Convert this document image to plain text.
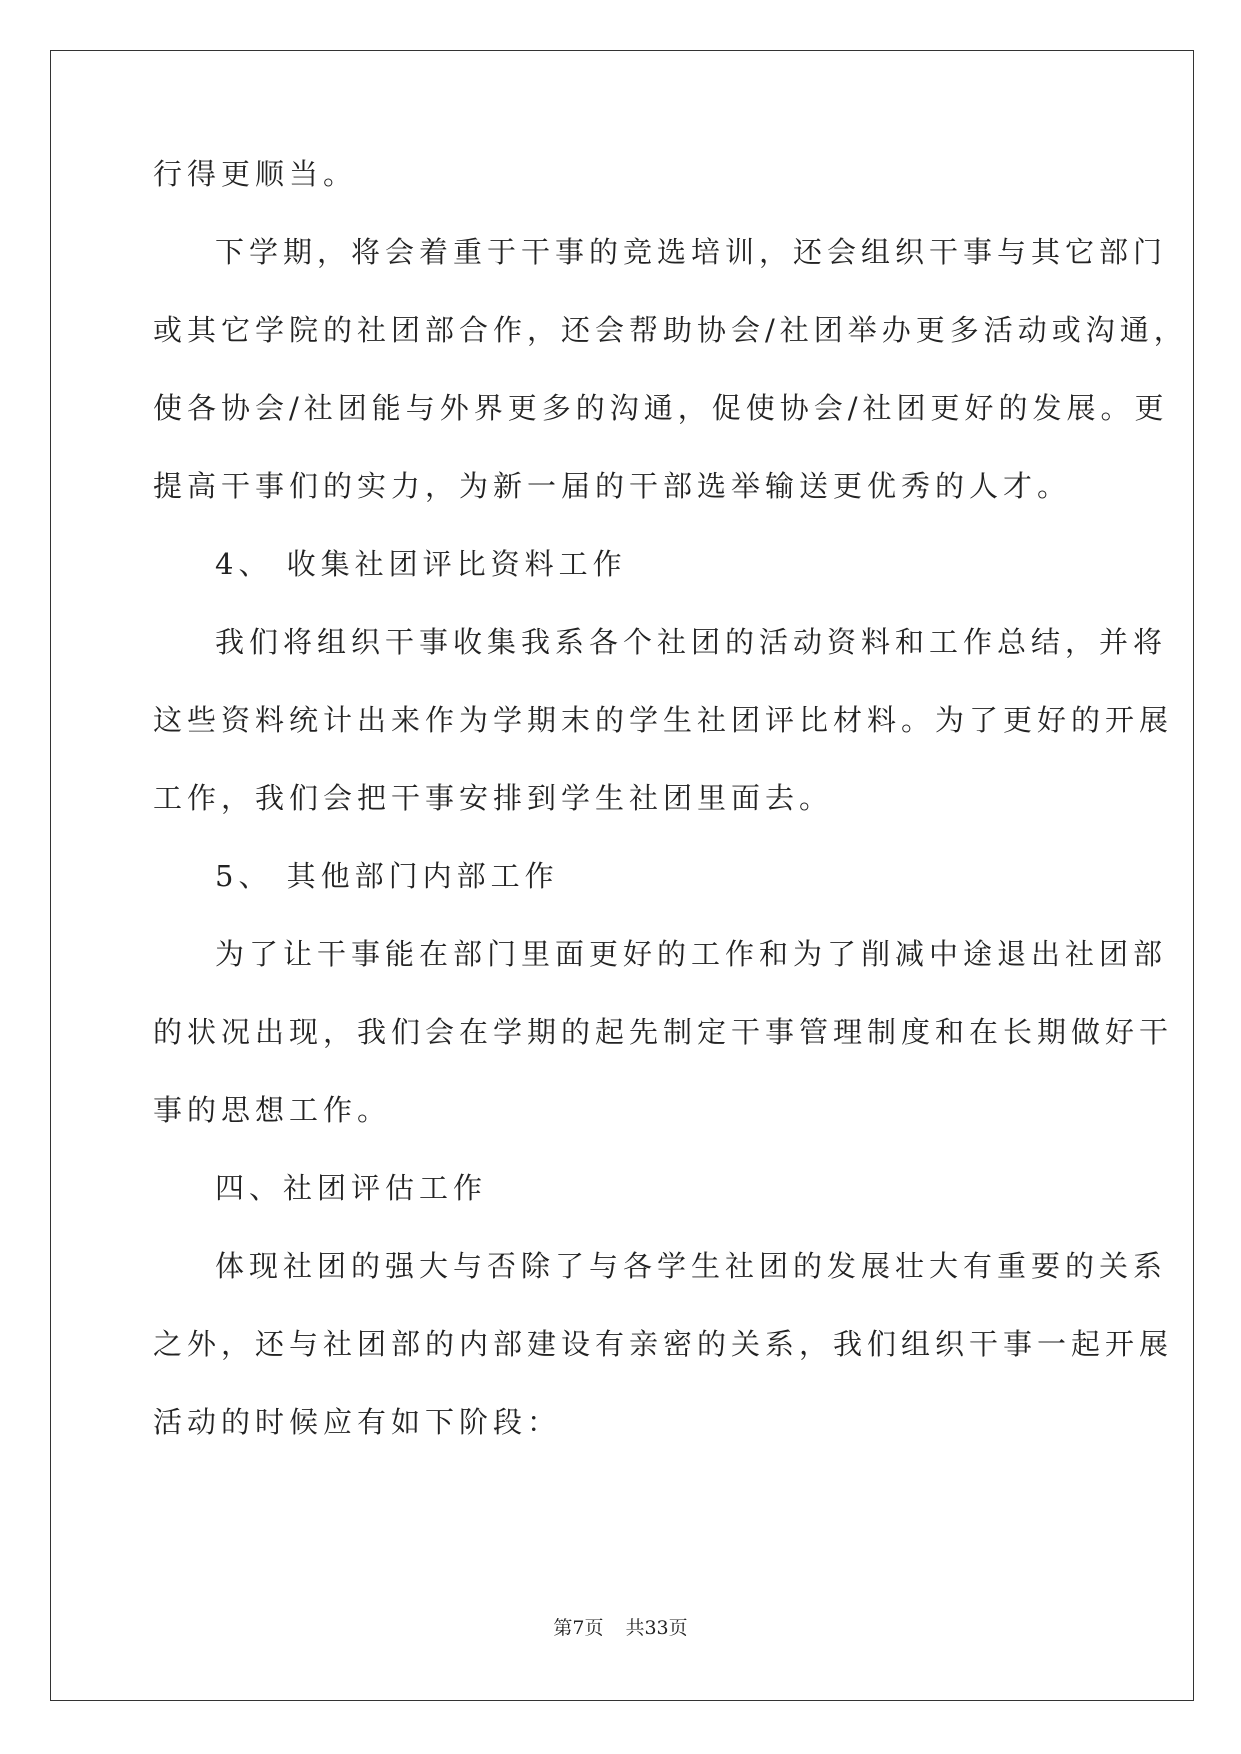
行得更顺当。
下学期，将会着重于干事的竞选培训，还会组织干事与其它部门
或其它学院的社团部合作，还会帮助协会/社团举办更多活动或沟通，
使各协会/社团能与外界更多的沟通，促使协会/社团更好的发展。更
提高干事们的实力，为新一届的干部选举输送更优秀的人才。
4、 收集社团评比资料工作
我们将组织干事收集我系各个社团的活动资料和工作总结，并将
这些资料统计出来作为学期末的学生社团评比材料。为了更好的开展
工作，我们会把干事安排到学生社团里面去。
5、 其他部门内部工作
为了让干事能在部门里面更好的工作和为了削减中途退出社团部
的状况出现，我们会在学期的起先制定干事管理制度和在长期做好干
事的思想工作。
四、社团评估工作
体现社团的强大与否除了与各学生社团的发展壮大有重要的关系
之外，还与社团部的内部建设有亲密的关系，我们组织干事一起开展
活动的时候应有如下阶段：
第7页 共33页
